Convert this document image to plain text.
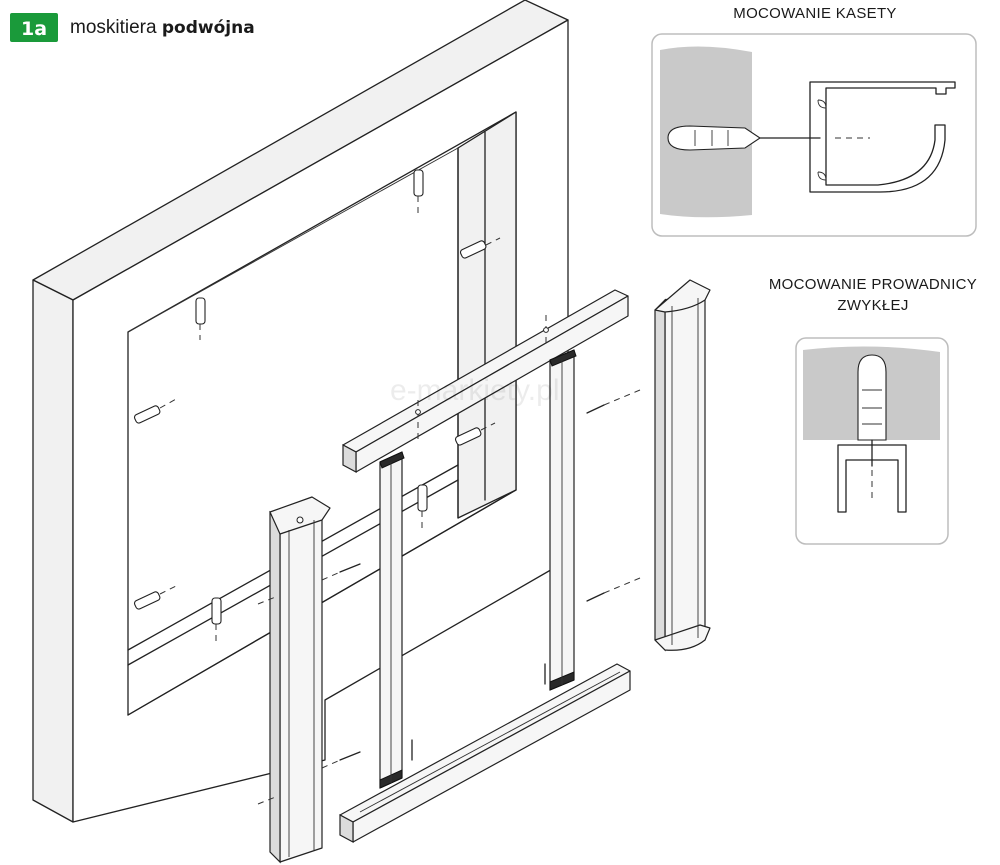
1a moskitiera podwójna
e-markiety.pl
MOCOWANIE KASETY
MOCOWANIE PROWADNICY
ZWYKŁEJ
